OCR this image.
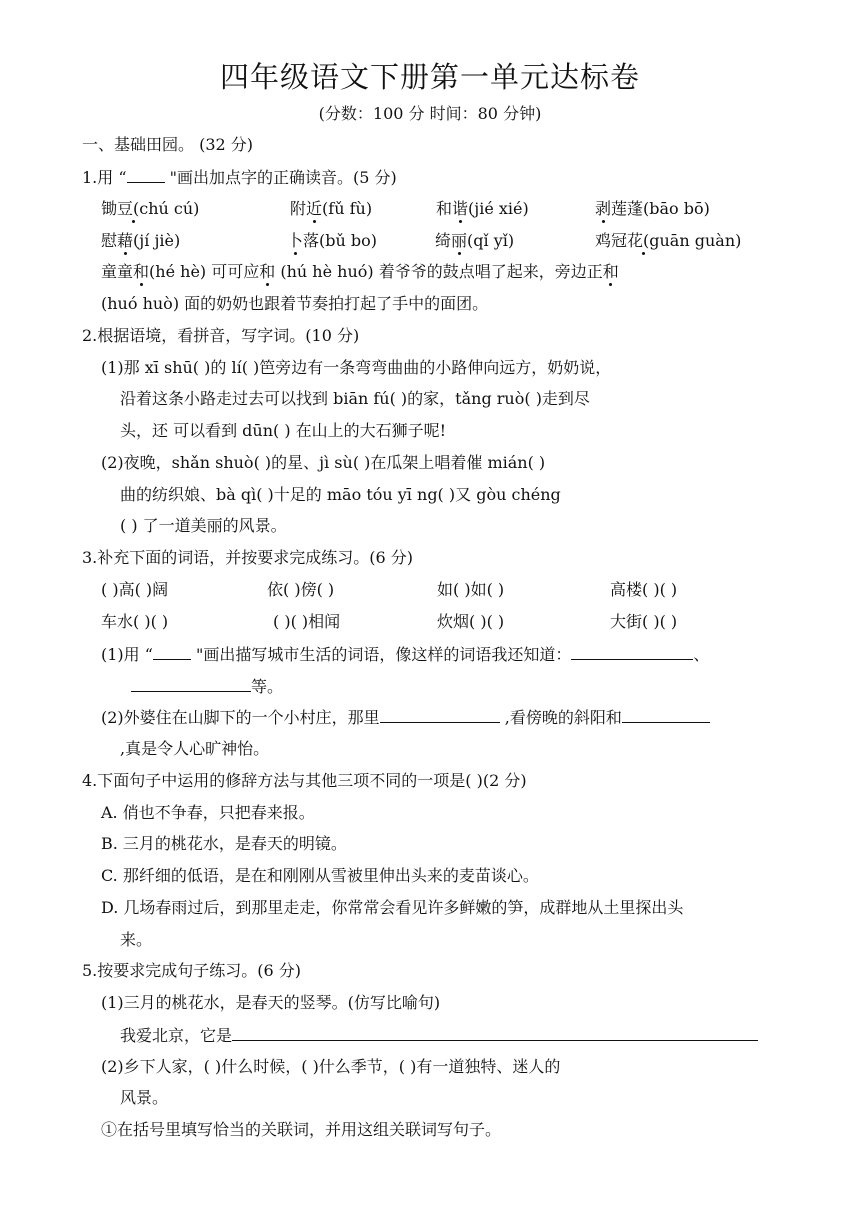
四年级语文下册第一单元达标卷
(分数：100 分 时间：80 分钟)
一、基础田园。 (32 分)
1.用 “ "画出加点字的正确读音。(5 分)
锄豆(chú cú)	附近(fǔ fù)	和谐(jié xié)	剥莲蓬(bāo bō)
慰藉(jí jiè)	卜落(bǔ bo)	绮丽(qǐ yǐ)	鸡冠花(guān guàn)
童童和(hé hè) 可可应和 (hú hè huó) 着爷爷的鼓点唱了起来，旁边正和
(huó huò) 面的奶奶也跟着节奏拍打起了手中的面团。
2.根据语境，看拼音，写字词。(10 分)
(1)那 xī shū( )的 lí( )笆旁边有一条弯弯曲曲的小路伸向远方，奶奶说，
沿着这条小路走过去可以找到 biān fú( )的家，tǎng ruò( )走到尽
头，还 可以看到 dūn( ) 在山上的大石狮子呢!
(2)夜晚，shǎn shuò( )的星、jì sù( )在瓜架上唱着催 mián( )
曲的纺织娘、bà qì( )十足的 māo tóu yī ng( )又 gòu chéng
( ) 了一道美丽的风景。
3.补充下面的词语，并按要求完成练习。(6 分)
( )高( )阔	依( )傍( )	如( )如( )	高楼( )( )
车水( )( )	( )( )相闻	炊烟( )( )	大街( )( )
(1)用 “ "画出描写城市生活的词语，像这样的词语我还知道：	、
等。
(2)外婆住在山脚下的一个小村庄，那里	,看傍晚的斜阳和
,真是令人心旷神怡。
4.下面句子中运用的修辞方法与其他三项不同的一项是( )(2 分)
A. 俏也不争春，只把春来报。
B. 三月的桃花水，是春天的明镜。
C. 那纤细的低语，是在和刚刚从雪被里伸出头来的麦苗谈心。
D. 几场春雨过后，到那里走走，你常常会看见许多鲜嫩的笋，成群地从土里探出头
来。
5.按要求完成句子练习。(6 分)
(1)三月的桃花水，是春天的竖琴。(仿写比喻句)
我爱北京，它是
(2)乡下人家，( )什么时候，( )什么季节，( )有一道独特、迷人的
风景。
①在括号里填写恰当的关联词，并用这组关联词写句子。
